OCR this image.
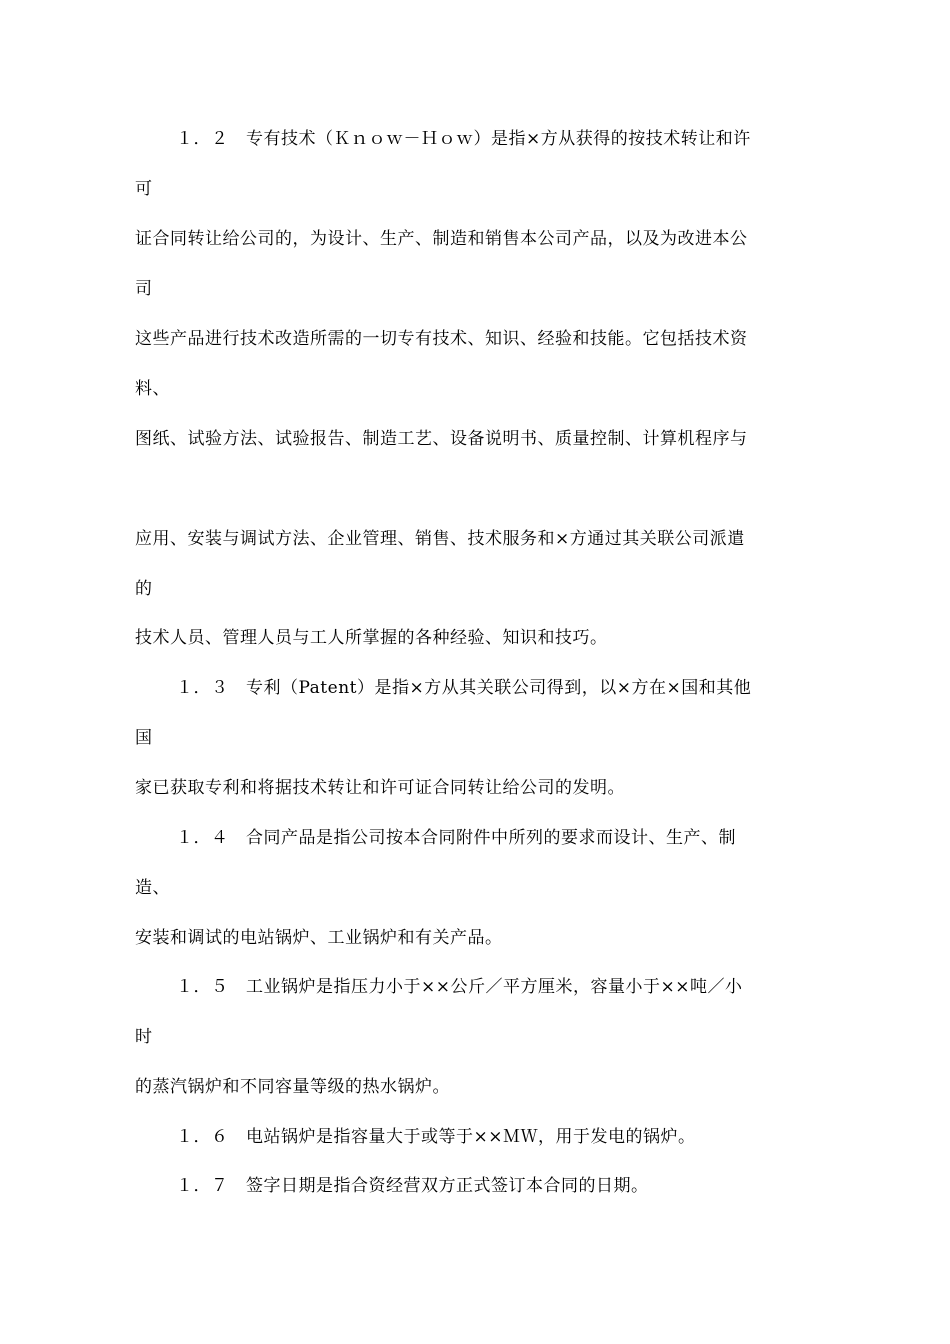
１．２　专有技术（Ｋｎｏｗ－Ｈｏｗ）是指×方从获得的按技术转让和许
可
证合同转让给公司的，为设计、生产、制造和销售本公司产品，以及为改进本公
司
这些产品进行技术改造所需的一切专有技术、知识、经验和技能。它包括技术资
料、
图纸、试验方法、试验报告、制造工艺、设备说明书、质量控制、计算机程序与
应用、安装与调试方法、企业管理、销售、技术服务和×方通过其关联公司派遣
的
技术人员、管理人员与工人所掌握的各种经验、知识和技巧。
１．３　专利（Patent）是指×方从其关联公司得到，以×方在×国和其他
国
家已获取专利和将据技术转让和许可证合同转让给公司的发明。
１．４　合同产品是指公司按本合同附件中所列的要求而设计、生产、制
造、
安装和调试的电站锅炉、工业锅炉和有关产品。
１．５　工业锅炉是指压力小于××公斤／平方厘米，容量小于××吨／小
时
的蒸汽锅炉和不同容量等级的热水锅炉。
１．６　电站锅炉是指容量大于或等于××ＭＷ，用于发电的锅炉。
１．７　签字日期是指合资经营双方正式签订本合同的日期。
